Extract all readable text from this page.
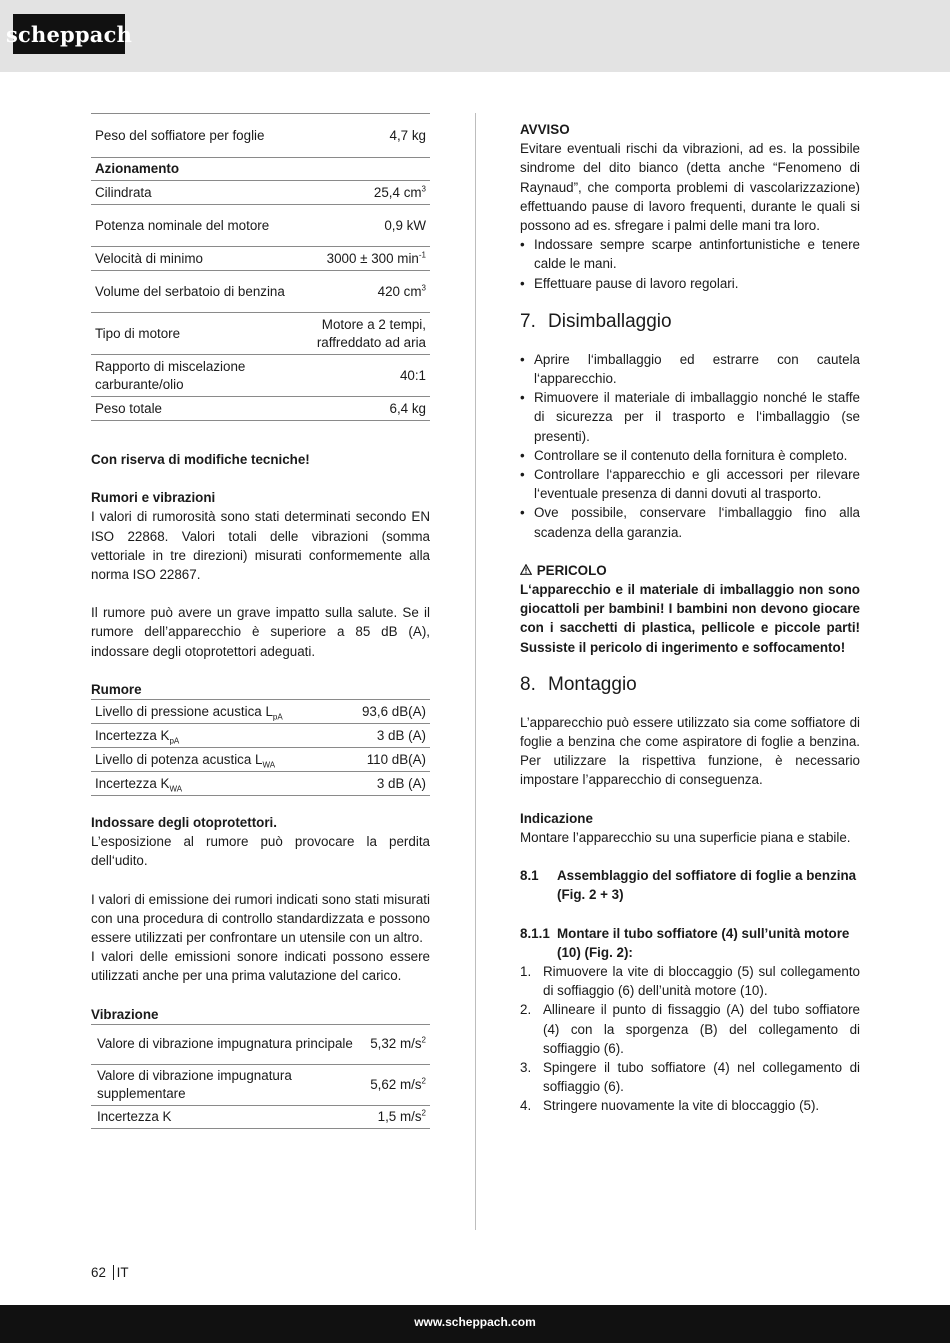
scheppach
Peso del soffiatore per foglie	4,7 kg
Azionamento	
Cilindrata	25,4 $cm^3$
Potenza nominale del motore	0,9 kW
Velocità di minimo	3000 ± 300 $\min^{-1}$
Volume del serbatoio di benzina	420 $cm^3$
Tipo di motore	Motore a 2 tempi, raffreddato ad aria
Rapporto di miscelazione carburante/olio	40:1
Peso totale	6,4 kg

Con riserva di modifiche tecniche!

Rumori e vibrazioni

I valori di rumorosità sono stati determinati secondo EN ISO 22868. Valori totali delle vibrazioni (somma vettoriale in tre direzioni) misurati conformemente alla norma ISO 22867.

Il rumore può avere un grave impatto sulla salute. Se il rumore dell’apparecchio è superiore a 85 dB (A), indossare degli otoprotettori adeguati.

Rumore

Livello di pressione acustica $L_{pA}$	93,6 dB(A)
Incertezza $K_{pA}$	3 dB (A)
Livello di potenza acustica $L_{WA}$	110 dB(A)
Incertezza $K_{WA}$	3 dB (A)

Indossare degli otoprotettori.

L’esposizione al rumore può provocare la perdita dell‘udito.

I valori di emissione dei rumori indicati sono stati misurati con una procedura di controllo standardizzata e possono essere utilizzati per confrontare un utensile con un altro.

I valori delle emissioni sonore indicati possono essere utilizzati anche per una prima valutazione del carico.

Vibrazione

Valore di vibrazione impugnatura principale	5,32 $m/s^2$
Valore di vibrazione impugnatura supplementare	5,62 $m/s^2$
Incertezza K	1,5 $m/s^2$

AVVISO

Evitare eventuali rischi da vibrazioni, ad es. la possibile sindrome del dito bianco (detta anche “Fenomeno di Raynaud”, che comporta problemi di vascolarizzazione) effettuando pause di lavoro frequenti, durante le quali si possono ad es. sfregare i palmi delle mani tra loro.

• Indossare sempre scarpe antinfortunistiche e tenere calde le mani.
• Effettuare pause di lavoro regolari.
7. Disimballaggio
• Aprire l‘imballaggio ed estrarre con cautela l‘apparecchio.
• Rimuovere il materiale di imballaggio nonché le staffe di sicurezza per il trasporto e l‘imballaggio (se presenti).
• Controllare se il contenuto della fornitura è completo.
• Controllare l‘apparecchio e gli accessori per rilevare l‘eventuale presenza di danni dovuti al trasporto.
• Ove possibile, conservare l‘imballaggio fino alla scadenza della garanzia.

PERICOLO

L‘apparecchio e il materiale di imballaggio non sono giocattoli per bambini! I bambini non devono giocare con i sacchetti di plastica, pellicole e piccole parti! Sussiste il pericolo di ingerimento e soffocamento!

8. Montaggio

L’apparecchio può essere utilizzato sia come soffiatore di foglie a benzina che come aspiratore di foglie a benzina. Per utilizzare la rispettiva funzione, è necessario impostare l’apparecchio di conseguenza.

Indicazione

Montare l’apparecchio su una superficie piana e stabile.

8.1 Assemblaggio del soffiatore di foglie a benzina (Fig. 2 + 3)

8.1.1 Montare il tubo soffiatore (4) sull’unità motore (10) (Fig. 2):

1. Rimuovere la vite di bloccaggio (5) sul collegamento di soffiaggio (6) dell’unità motore (10).
2. Allineare il punto di fissaggio (A) del tubo soffiatore (4) con la sporgenza (B) del collegamento di soffiaggio (6).
3. Spingere il tubo soffiatore (4) nel collegamento di soffiaggio (6).
4. Stringere nuovamente la vite di bloccaggio (5).
62 IT
www.scheppach.com
